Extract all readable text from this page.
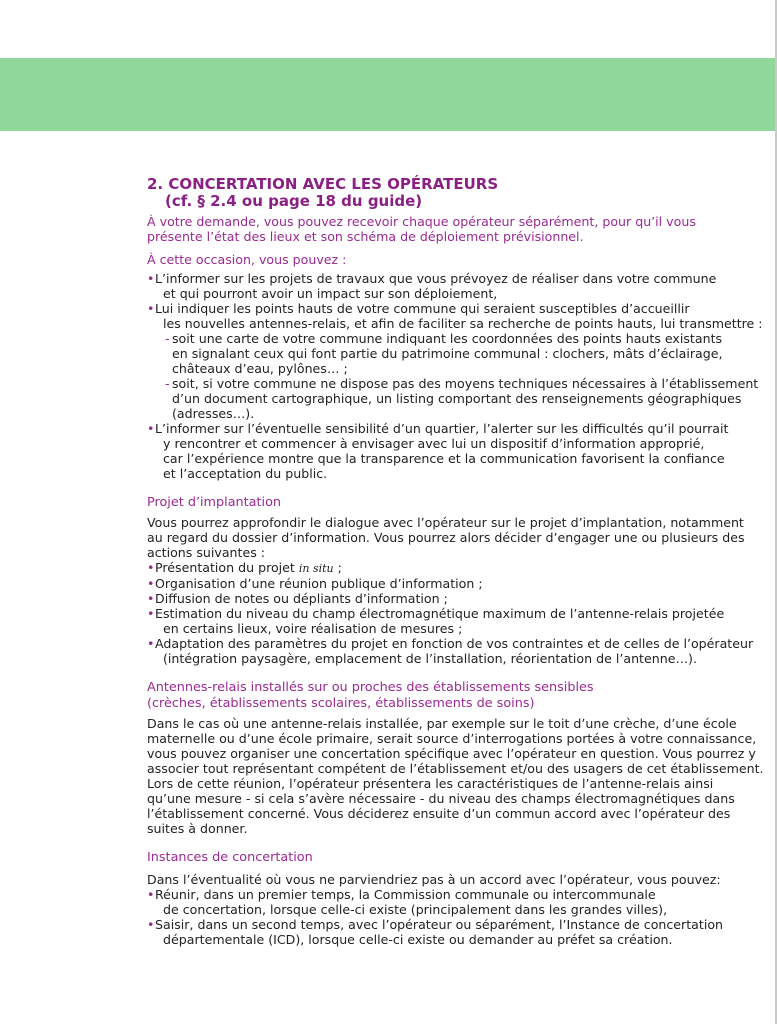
2. CONCERTATION AVEC LES OPÉRATEURS
(cf. § 2.4 ou page 18 du guide)
À votre demande, vous pouvez recevoir chaque opérateur séparément, pour qu’il vous
présente l’état des lieux et son schéma de déploiement prévisionnel.
À cette occasion, vous pouvez :
• L’informer sur les projets de travaux que vous prévoyez de réaliser dans votre commune
et qui pourront avoir un impact sur son déploiement,
• Lui indiquer les points hauts de votre commune qui seraient susceptibles d’accueillir
les nouvelles antennes-relais, et afin de faciliter sa recherche de points hauts, lui transmettre :
- soit une carte de votre commune indiquant les coordonnées des points hauts existants
en signalant ceux qui font partie du patrimoine communal : clochers, mâts d’éclairage,
châteaux d’eau, pylônes… ;
- soit, si votre commune ne dispose pas des moyens techniques nécessaires à l’établissement
d’un document cartographique, un listing comportant des renseignements géographiques
(adresses…).
• L’informer sur l’éventuelle sensibilité d’un quartier, l’alerter sur les difficultés qu’il pourrait
y rencontrer et commencer à envisager avec lui un dispositif d’information approprié,
car l’expérience montre que la transparence et la communication favorisent la confiance
et l’acceptation du public.
Projet d’implantation
Vous pourrez approfondir le dialogue avec l’opérateur sur le projet d’implantation, notamment
au regard du dossier d’information. Vous pourrez alors décider d’engager une ou plusieurs des
actions suivantes :
• Présentation du projet in situ ;
• Organisation d’une réunion publique d’information ;
• Diffusion de notes ou dépliants d’information ;
• Estimation du niveau du champ électromagnétique maximum de l’antenne-relais projetée
en certains lieux, voire réalisation de mesures ;
• Adaptation des paramètres du projet en fonction de vos contraintes et de celles de l’opérateur
(intégration paysagère, emplacement de l’installation, réorientation de l’antenne…).
Antennes-relais installés sur ou proches des établissements sensibles
(crèches, établissements scolaires, établissements de soins)
Dans le cas où une antenne-relais installée, par exemple sur le toit d’une crèche, d’une école
maternelle ou d’une école primaire, serait source d’interrogations portées à votre connaissance,
vous pouvez organiser une concertation spécifique avec l’opérateur en question. Vous pourrez y
associer tout représentant compétent de l’établissement et/ou des usagers de cet établissement.
Lors de cette réunion, l’opérateur présentera les caractéristiques de l’antenne-relais ainsi
qu’une mesure - si cela s’avère nécessaire - du niveau des champs électromagnétiques dans
l’établissement concerné. Vous déciderez ensuite d’un commun accord avec l’opérateur des
suites à donner.
Instances de concertation
Dans l’éventualité où vous ne parviendriez pas à un accord avec l’opérateur, vous pouvez:
• Réunir, dans un premier temps, la Commission communale ou intercommunale
de concertation, lorsque celle-ci existe (principalement dans les grandes villes),
• Saisir, dans un second temps, avec l’opérateur ou séparément, l’Instance de concertation
départementale (ICD), lorsque celle-ci existe ou demander au préfet sa création.
